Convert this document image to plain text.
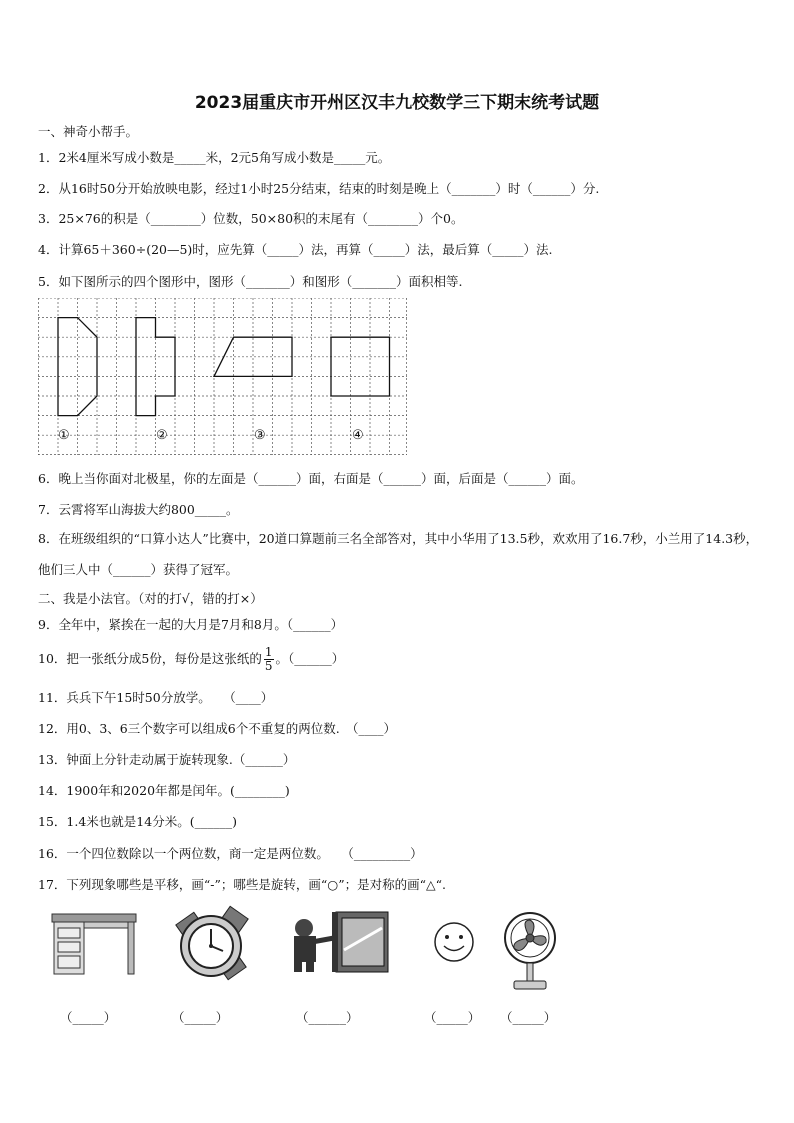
2023届重庆市开州区汉丰九校数学三下期末统考试题
一、神奇小帮手。
1．2米4厘米写成小数是_____米，2元5角写成小数是_____元。
2．从16时50分开始放映电影，经过1小时25分结束，结束的时刻是晚上（_______）时（______）分.
3．25×76的积是（________）位数，50×80积的末尾有（________）个0。
4．计算65＋360÷(20—5)时，应先算（_____）法，再算（_____）法，最后算（_____）法.
5．如下图所示的四个图形中，图形（_______）和图形（_______）面积相等.
①	②	③	④
6．晚上当你面对北极星，你的左面是（______）面，右面是（______）面，后面是（______）面。
7．云霄将军山海拔大约800_____。
8．在班级组织的“口算小达人”比赛中，20道口算题前三名全部答对，其中小华用了13.5秒，欢欢用了16.7秒，小兰用了14.3秒，他们三人中（______）获得了冠军。
二、我是小法官。（对的打√，错的打×）
9．全年中，紧挨在一起的大月是7月和8月。（______）
10．把一张纸分成5份，每份是这张纸的 $\frac{1}{5}$ 。（______）
11．兵兵下午15时50分放学。　　（____）
12．用0、3、6三个数字可以组成6个不重复的两位数.　（____）
13．钟面上分针走动属于旋转现象.（______）
14．1900年和2020年都是闰年。(________)
15．1.4米也就是14分米。(______)
16．一个四位数除以一个两位数，商一定是两位数。　　（_________）
17．下列现象哪些是平移，画“-”；哪些是旋转，画“○”；是对称的画“△“.
（_____）	（_____）	（______）	（_____） （_____）
